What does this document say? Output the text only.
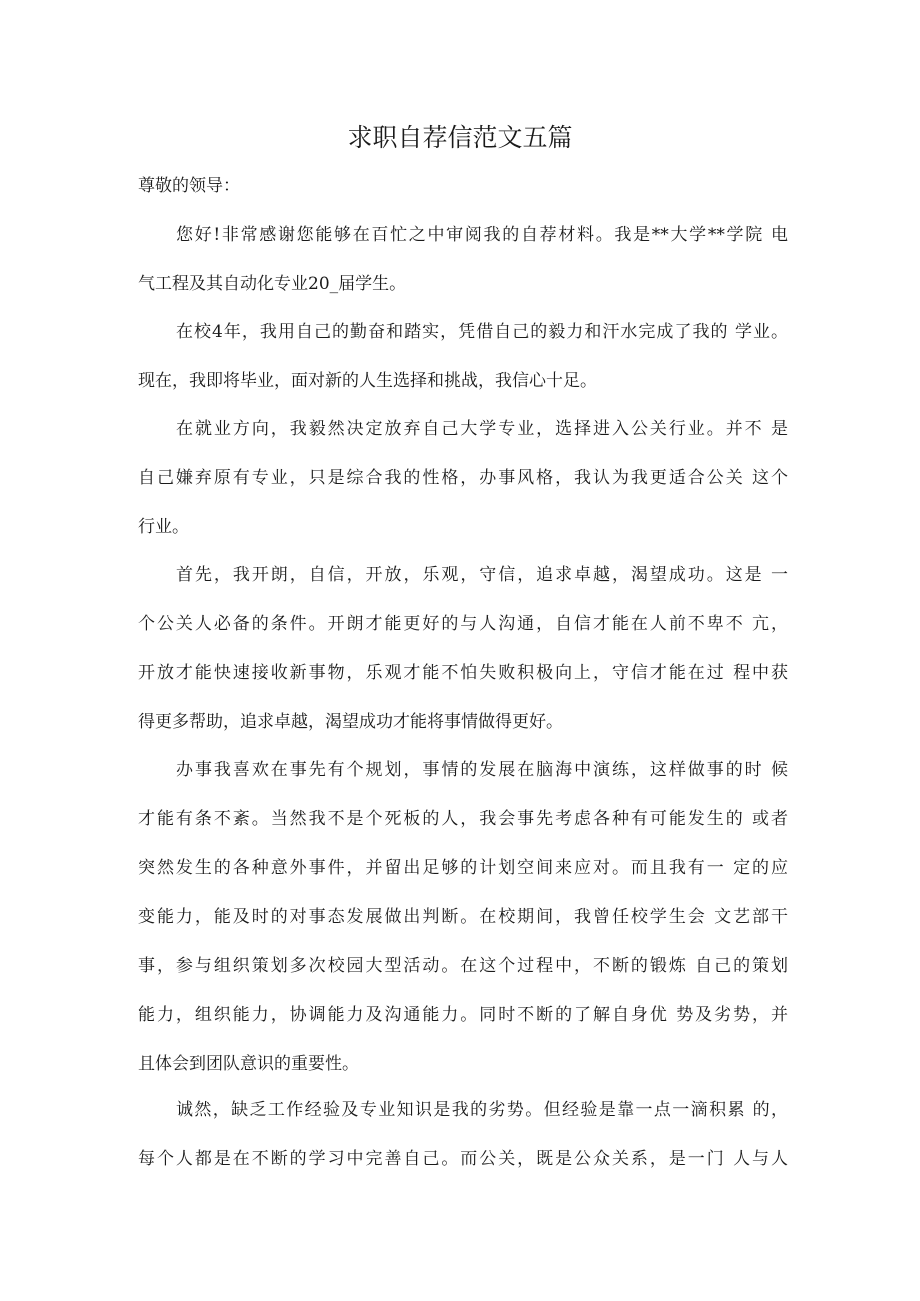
求职自荐信范文五篇
尊敬的领导：
您好!非常感谢您能够在百忙之中审阅我的自荐材料。我是**大学**学院 电
气工程及其自动化专业20_届学生。
在校4年，我用自己的勤奋和踏实，凭借自己的毅力和汗水完成了我的 学业。
现在，我即将毕业，面对新的人生选择和挑战，我信心十足。
在就业方向，我毅然决定放弃自己大学专业，选择进入公关行业。并不 是
自己嫌弃原有专业，只是综合我的性格，办事风格，我认为我更适合公关 这个
行业。
首先，我开朗，自信，开放，乐观，守信，追求卓越，渴望成功。这是 一
个公关人必备的条件。开朗才能更好的与人沟通，自信才能在人前不卑不 亢，
开放才能快速接收新事物，乐观才能不怕失败积极向上，守信才能在过 程中获
得更多帮助，追求卓越，渴望成功才能将事情做得更好。
办事我喜欢在事先有个规划，事情的发展在脑海中演练，这样做事的时 候
才能有条不紊。当然我不是个死板的人，我会事先考虑各种有可能发生的 或者
突然发生的各种意外事件，并留出足够的计划空间来应对。而且我有一 定的应
变能力，能及时的对事态发展做出判断。在校期间，我曾任校学生会 文艺部干
事，参与组织策划多次校园大型活动。在这个过程中，不断的锻炼 自己的策划
能力，组织能力，协调能力及沟通能力。同时不断的了解自身优 势及劣势，并
且体会到团队意识的重要性。
诚然，缺乏工作经验及专业知识是我的劣势。但经验是靠一点一滴积累 的，
每个人都是在不断的学习中完善自己。而公关，既是公众关系，是一门 人与人
